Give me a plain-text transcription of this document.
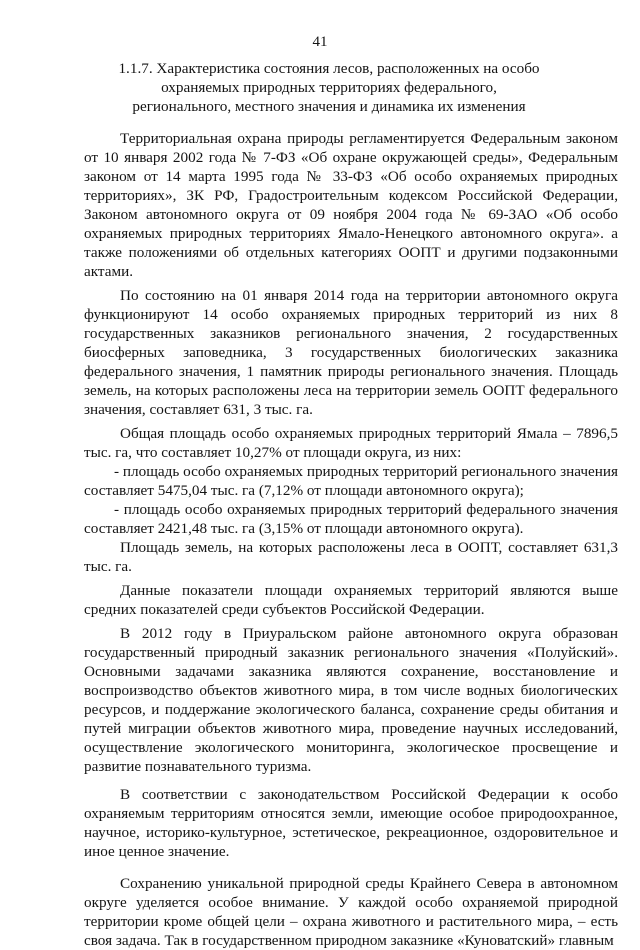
41
1.1.7. Характеристика состояния лесов, расположенных на особо охраняемых природных территориях федерального, регионального, местного значения и динамика их изменения

Территориальная охрана природы регламентируется Федеральным законом от 10 января 2002 года № 7-ФЗ «Об охране окружающей среды», Федеральным законом от 14 марта 1995 года № 33-ФЗ «Об особо охраняемых природных территориях», ЗК РФ, Градостроительным кодексом Российской Федерации, Законом автономного округа от 09 ноября 2004 года № 69-ЗАО «Об особо охраняемых природных территориях Ямало-Ненецкого автономного округа». а также положениями об отдельных категориях ООПТ и другими подзаконными актами.

По состоянию на 01 января 2014 года на территории автономного округа функционируют 14 особо охраняемых природных территорий из них 8 государственных заказников регионального значения, 2 государственных биосферных заповедника, 3 государственных биологических заказника федерального значения, 1 памятник природы регионального значения. Площадь земель, на которых расположены леса на территории земель ООПТ федерального значения, составляет 631, 3 тыс. га.

Общая площадь особо охраняемых природных территорий Ямала – 7896,5 тыс. га, что составляет 10,27% от площади округа, из них:

- площадь особо охраняемых природных территорий регионального значения составляет 5475,04 тыс. га (7,12% от площади автономного округа);

- площадь особо охраняемых природных территорий федерального значения составляет 2421,48 тыс. га (3,15% от площади автономного округа).

Площадь земель, на которых расположены леса в ООПТ, составляет 631,3 тыс. га.

Данные показатели площади охраняемых территорий являются выше средних показателей среди субъектов Российской Федерации.

В 2012 году в Приуральском районе автономного округа образован государственный природный заказник регионального значения «Полуйский». Основными задачами заказника являются сохранение, восстановление и воспроизводство объектов животного мира, в том числе водных биологических ресурсов, и поддержание экологического баланса, сохранение среды обитания и путей миграции объектов животного мира, проведение научных исследований, осуществление экологического мониторинга, экологическое просвещение и развитие познавательного туризма.

В соответствии с законодательством Российской Федерации к особо охраняемым территориям относятся земли, имеющие особое природоохранное, научное, историко-культурное, эстетическое, рекреационное, оздоровительное и иное ценное значение.

Сохранению уникальной природной среды Крайнего Севера в автономном округе уделяется особое внимание. У каждой особо охраняемой природной территории кроме общей цели – охрана животного и растительного мира, – есть своя задача. Так в государственном природном заказнике «Куноватский» главным
